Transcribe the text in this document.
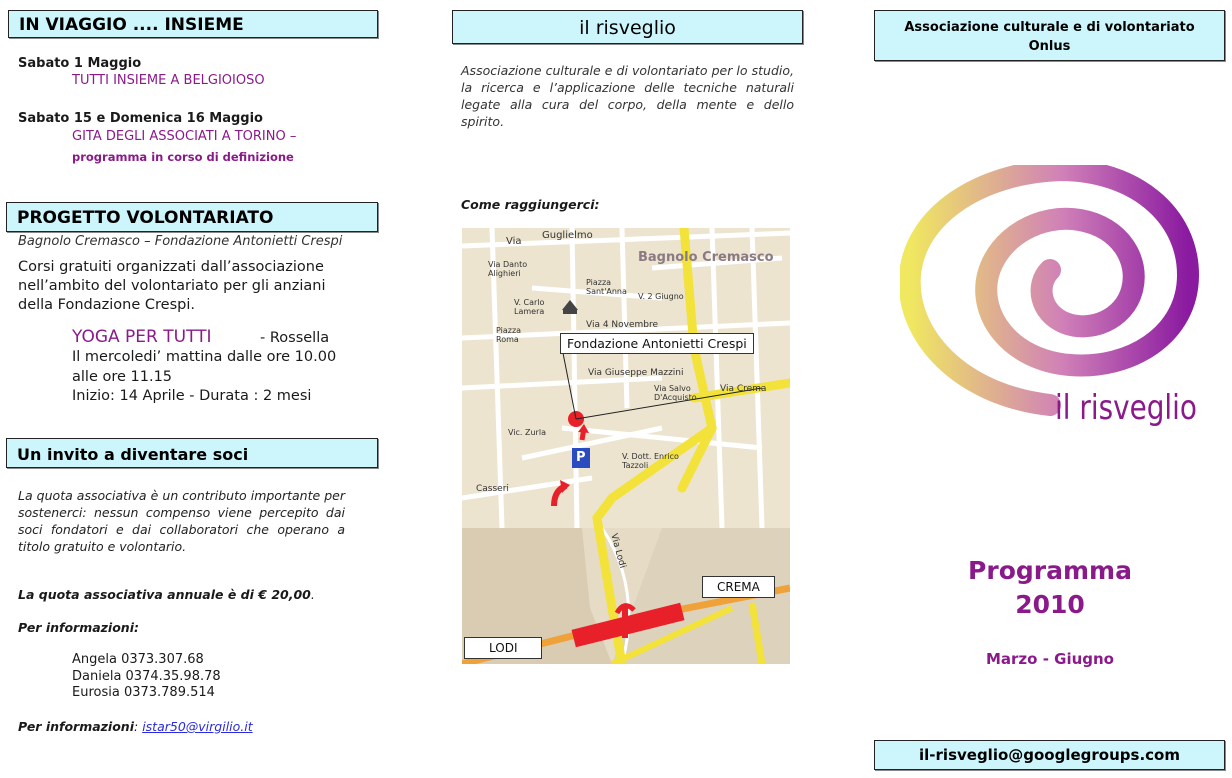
IN VIAGGIO .... INSIEME
Sabato 1 Maggio
TUTTI INSIEME A BELGIOIOSO
Sabato 15 e Domenica 16 Maggio
GITA DEGLI ASSOCIATI A TORINO –
programma in corso di definizione
PROGETTO VOLONTARIATO
Bagnolo Cremasco – Fondazione Antonietti Crespi
Corsi gratuiti organizzati dall’associazione
nell’ambito del volontariato per gli anziani
della Fondazione Crespi.
YOGA PER TUTTI	- Rossella
Il mercoledi’ mattina dalle ore 10.00
alle ore 11.15
Inizio: 14 Aprile - Durata : 2 mesi
Un invito a diventare soci
La quota associativa è un contributo importante per sostenerci: nessun compenso viene percepito dai soci fondatori e dai collaboratori che operano a titolo gratuito e volontario.
La quota associativa annuale è di € 20,00.
Per informazioni:
Angela 0373.307.68
Daniela 0374.35.98.78
Eurosia 0373.789.514
Per informazioni: istar50@virgilio.it
il risveglio
Associazione culturale e di volontariato per lo studio, la ricerca e l’applicazione delle tecniche naturali legate alla cura del corpo, della mente e dello spirito.
Come raggiungerci:
Bagnolo Cremasco
Via
Guglielmo
Via Danto Alighieri
V. Carlo Lamera
Piazza Sant'Anna
V. 2 Giugno
Piazza Roma
Via 4 Novembre
Via Giuseppe Mazzini
Via Salvo D'Acquisto
Via Crema
Vic. Zurla
V. Dott. Enrico Tazzoli
Casseri
Via Lodi
P
Fondazione Antonietti Crespi
CREMA
LODI
Associazione culturale e di volontariato
Onlus
il risveglio
Programma
2010
Marzo - Giugno
il-risveglio@googlegroups.com
